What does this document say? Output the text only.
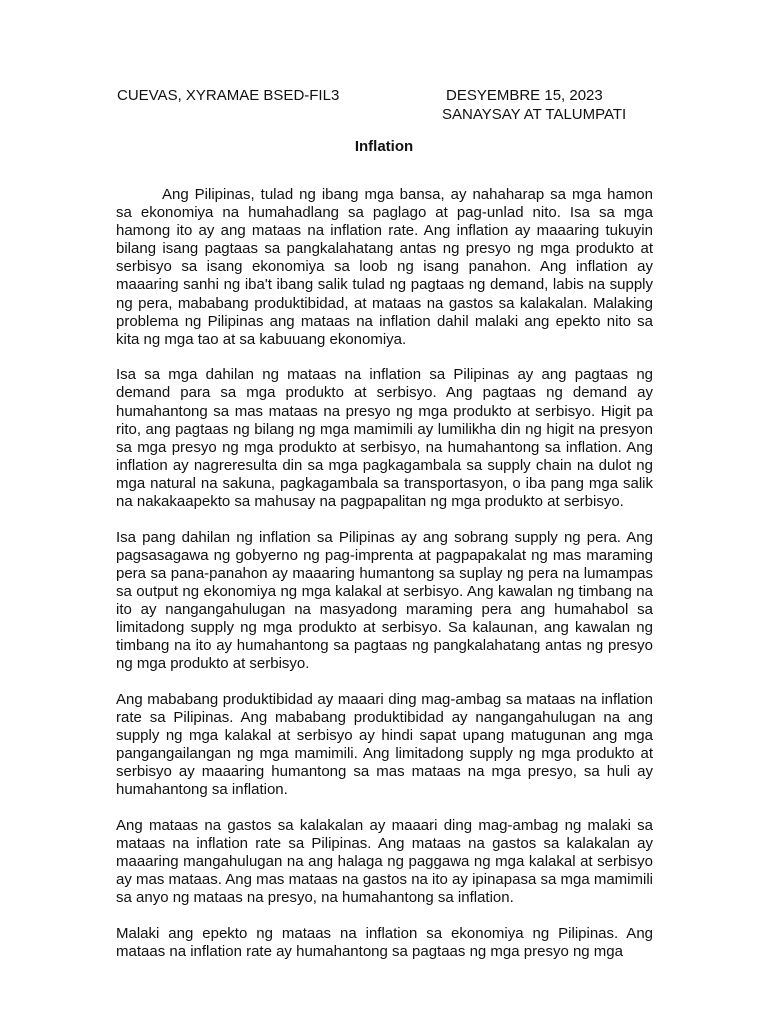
CUEVAS, XYRAMAE BSED-FIL3	DESYEMBRE 15, 2023
SANAYSAY AT TALUMPATI
Inflation

Ang Pilipinas, tulad ng ibang mga bansa, ay nahaharap sa mga hamon sa ekonomiya na humahadlang sa paglago at pag-unlad nito. Isa sa mga hamong ito ay ang mataas na inflation rate. Ang inflation ay maaaring tukuyin bilang isang pagtaas sa pangkalahatang antas ng presyo ng mga produkto at serbisyo sa isang ekonomiya sa loob ng isang panahon. Ang inflation ay maaaring sanhi ng iba't ibang salik tulad ng pagtaas ng demand, labis na supply ng pera, mababang produktibidad, at mataas na gastos sa kalakalan. Malaking problema ng Pilipinas ang mataas na inflation dahil malaki ang epekto nito sa kita ng mga tao at sa kabuuang ekonomiya.

Isa sa mga dahilan ng mataas na inflation sa Pilipinas ay ang pagtaas ng demand para sa mga produkto at serbisyo. Ang pagtaas ng demand ay humahantong sa mas mataas na presyo ng mga produkto at serbisyo. Higit pa rito, ang pagtaas ng bilang ng mga mamimili ay lumilikha din ng higit na presyon sa mga presyo ng mga produkto at serbisyo, na humahantong sa inflation. Ang inflation ay nagreresulta din sa mga pagkagambala sa supply chain na dulot ng mga natural na sakuna, pagkagambala sa transportasyon, o iba pang mga salik na nakakaapekto sa mahusay na pagpapalitan ng mga produkto at serbisyo.

Isa pang dahilan ng inflation sa Pilipinas ay ang sobrang supply ng pera. Ang pagsasagawa ng gobyerno ng pag-imprenta at pagpapakalat ng mas maraming pera sa pana-panahon ay maaaring humantong sa suplay ng pera na lumampas sa output ng ekonomiya ng mga kalakal at serbisyo. Ang kawalan ng timbang na ito ay nangangahulugan na masyadong maraming pera ang humahabol sa limitadong supply ng mga produkto at serbisyo. Sa kalaunan, ang kawalan ng timbang na ito ay humahantong sa pagtaas ng pangkalahatang antas ng presyo ng mga produkto at serbisyo.

Ang mababang produktibidad ay maaari ding mag-ambag sa mataas na inflation rate sa Pilipinas. Ang mababang produktibidad ay nangangahulugan na ang supply ng mga kalakal at serbisyo ay hindi sapat upang matugunan ang mga pangangailangan ng mga mamimili. Ang limitadong supply ng mga produkto at serbisyo ay maaaring humantong sa mas mataas na mga presyo, sa huli ay humahantong sa inflation.

Ang mataas na gastos sa kalakalan ay maaari ding mag-ambag ng malaki sa mataas na inflation rate sa Pilipinas. Ang mataas na gastos sa kalakalan ay maaaring mangahulugan na ang halaga ng paggawa ng mga kalakal at serbisyo ay mas mataas. Ang mas mataas na gastos na ito ay ipinapasa sa mga mamimili sa anyo ng mataas na presyo, na humahantong sa inflation.

Malaki ang epekto ng mataas na inflation sa ekonomiya ng Pilipinas. Ang mataas na inflation rate ay humahantong sa pagtaas ng mga presyo ng mga
